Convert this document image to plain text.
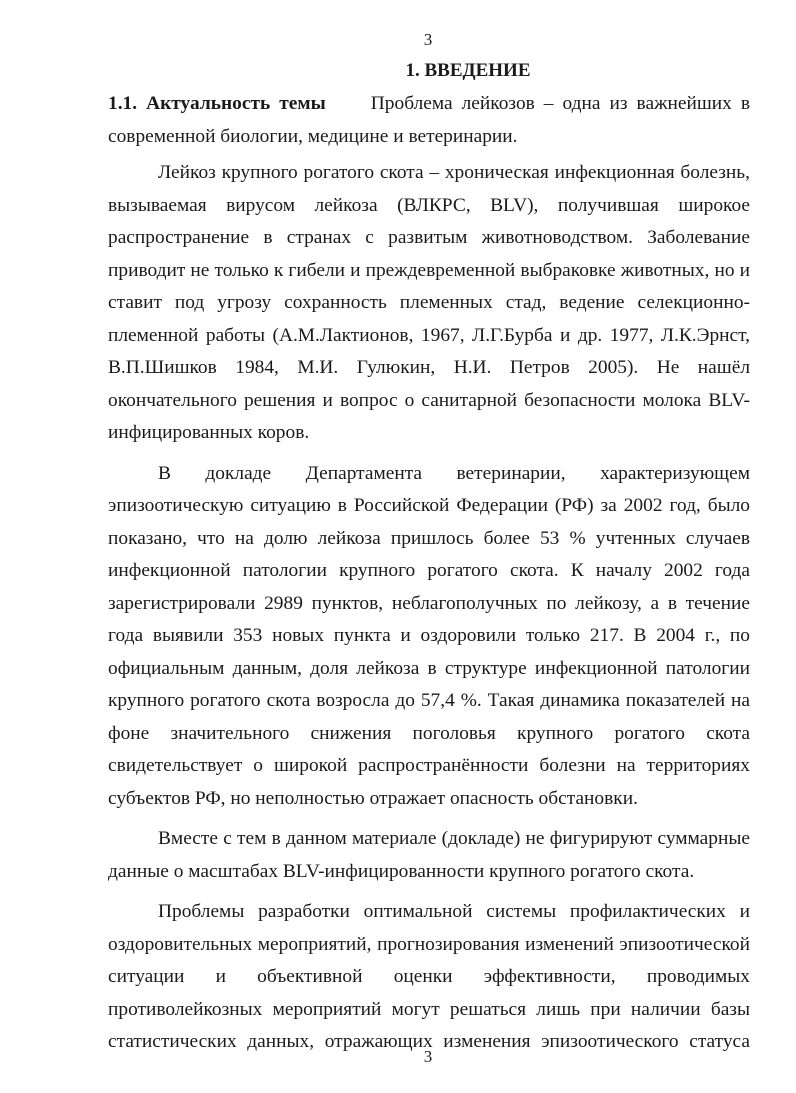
3
1. ВВЕДЕНИЕ

1.1. Актуальность темы Проблема лейкозов – одна из важнейших в современной биологии, медицине и ветеринарии.

Лейкоз крупного рогатого скота – хроническая инфекционная болезнь, вызываемая вирусом лейкоза (ВЛКРС, BLV), получившая широкое распространение в странах с развитым животноводством. Заболевание приводит не только к гибели и преждевременной выбраковке животных, но и ставит под угрозу сохранность племенных стад, ведение селекционно-племенной работы (А.М.Лактионов, 1967, Л.Г.Бурба и др. 1977, Л.К.Эрнст, В.П.Шишков 1984, М.И. Гулюкин, Н.И. Петров 2005). Не нашёл окончательного решения и вопрос о санитарной безопасности молока BLV-инфицированных коров.

В докладе Департамента ветеринарии, характеризующем эпизоотическую ситуацию в Российской Федерации (РФ) за 2002 год, было показано, что на долю лейкоза пришлось более 53 % учтенных случаев инфекционной патологии крупного рогатого скота. К началу 2002 года зарегистрировали 2989 пунктов, неблагополучных по лейкозу, а в течение года выявили 353 новых пункта и оздоровили только 217. В 2004 г., по официальным данным, доля лейкоза в структуре инфекционной патологии крупного рогатого скота возросла до 57,4 %. Такая динамика показателей на фоне значительного снижения поголовья крупного рогатого скота свидетельствует о широкой распространённости болезни на территориях субъектов РФ, но неполностью отражает опасность обстановки.

Вместе с тем в данном материале (докладе) не фигурируют суммарные данные о масштабах BLV-инфицированности крупного рогатого скота.

Проблемы разработки оптимальной системы профилактических и оздоровительных мероприятий, прогнозирования изменений эпизоотической ситуации и объективной оценки эффективности, проводимых противолейкозных мероприятий могут решаться лишь при наличии базы статистических данных, отражающих изменения эпизоотического статуса

3
